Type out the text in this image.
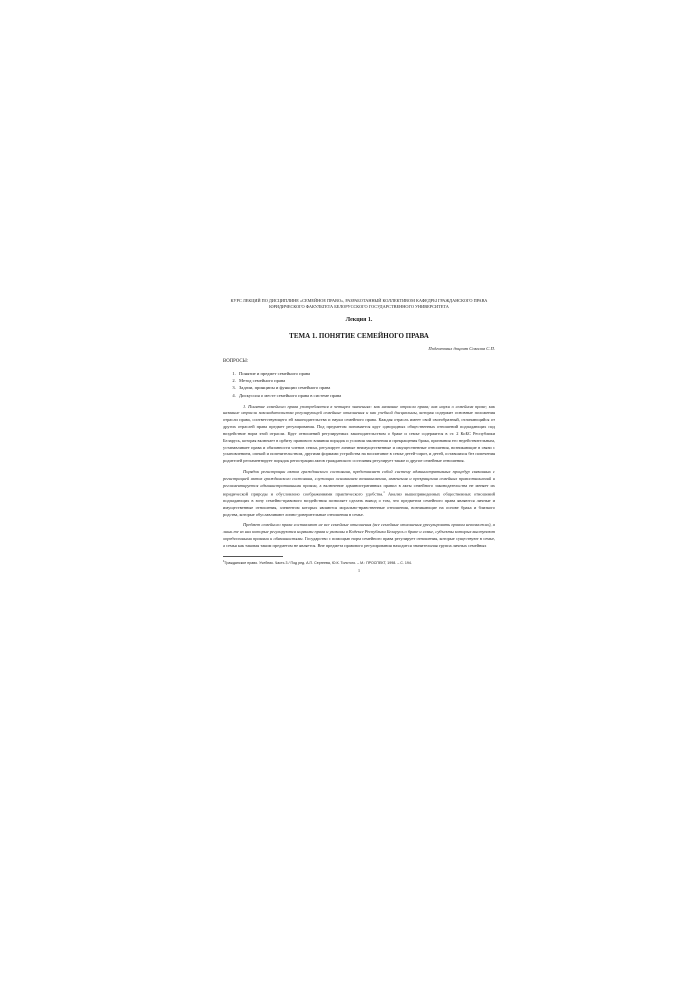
КУРС ЛЕКЦИЙ ПО ДИСЦИПЛИНЕ «СЕМЕЙНОЕ ПРАВО», РАЗРАБОТАННЫЙ КОЛЛЕКТИВОМ КАФЕДРЫ ГРАЖДАНСКОГО ПРАВА ЮРИДИЧЕСКОГО ФАКУЛЬТЕТА БЕЛОРУССКОГО ГОСУДАРСТВЕННОГО УНИВЕРСИТЕТА
Лекция 1.
ТЕМА 1. ПОНЯТИЕ СЕМЕЙНОГО ПРАВА
Подготовил доцент Соколов С.П.
ВОПРОСЫ:
1. Понятие и предмет семейного права
2. Метод семейного права
3. Задачи, принципы и функции семейного права
4. Дискуссия о месте семейного права в системе права

1. Понятие семейного права употребляется в четырех значениях: как название отрасли права; как науки о семейном праве; как название отрасли законодательства регулирующей семейные отношения и как учебной дисциплины, которая содержит основные положения отрасли права, соответствующего ей законодательства и науки семейного права. Каждая отрасль имеет свой своеобразный, отличающийся от других отраслей права предмет регулирования. Под предметом понимается круг однородных общественных отношений подпадающих под воздействие норм этой отрасли. Круг отношений регулируемых законодательством о браке и семье содержится в ст. 2 КоБС Республики Беларусь, которая включает в орбиту правового влияния порядок и условия заключения и прекращения брака, признания его недействительным, устанавливает права и обязанности членов семьи, регулирует личные неимущественные и имущественные отношения, возникающие в связи с усыновлением, опекой и попечительством, другими формами устройства на воспитание в семье детей-сирот, и детей, оставшихся без попечения родителей регламентирует порядок регистрации актов гражданского состояния регулирует также и другие семейные отношения.

Порядок регистрации актов гражданского состояния, представляет собой систему административных процедур связанных с регистрацией актов гражданского состояния, служащих основанием возникновения, изменения и прекращения семейных правоотношений и регламентируется административными правом, а включение административных правил в акты семейного законодательства не меняет их юридической природы и обусловлено соображениями практического удобства.$^1$ Анализ вышеприведенных общественных отношений подпадающих в зону семейно-правового воздействия позволяет сделать вывод о том, что предметом семейного права являются личные и имущественные отношения, элементом которых являются морально-нравственные отношения, возникающие на основе брака и близкого родства, которые обуславливают лично-доверительные отношения в семье.

Предмет семейного права составляют не все семейные отношения (все семейные отношения урегулировать правом невозможно), а лишь те из них которые регулируются нормами права и указаны в Кодексе Республики Беларусь о браке и семье, субъекты которых выступают определенными правами и обязанностями. Государство с помощью норм семейного права регулирует отношения, которые существуют в семье, а семья как таковая таким предметом не является. Вне предмета правового регулирования находится значительная группа личных семейных

$^1$Гражданское право. Учебник. Часть 3 / Под ред. А.П. Сергеева, Ю.К. Толстого. – М.: ПРОСПЕКТ, 1998. – С. 194.
1
